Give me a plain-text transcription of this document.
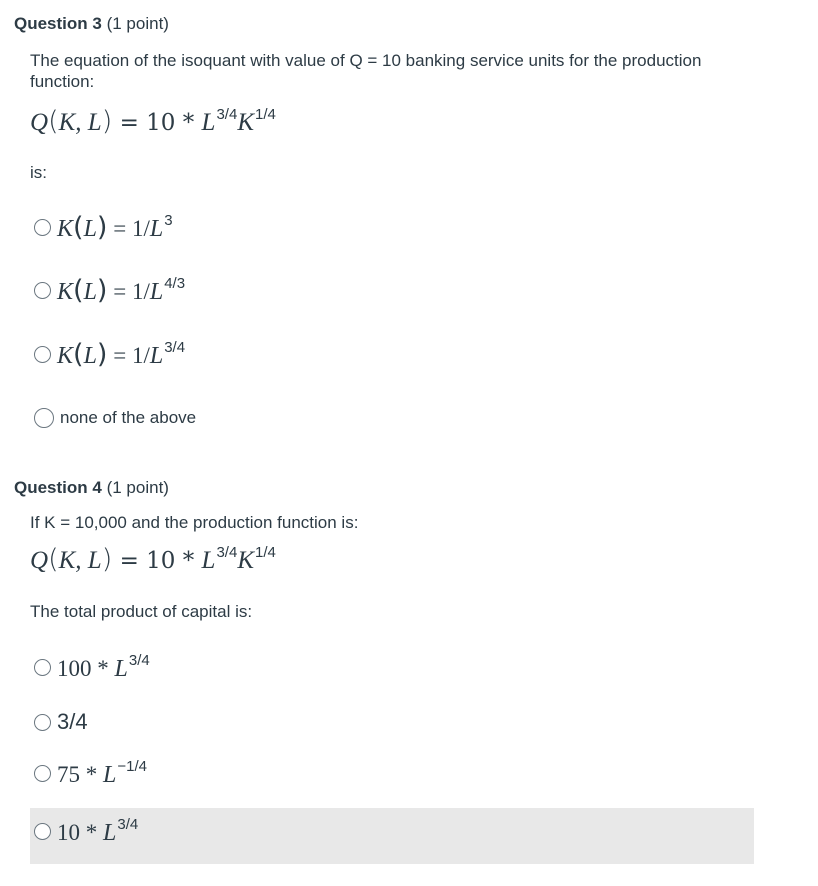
Question 3 (1 point)
The equation of the isoquant with value of Q = 10 banking service units for the production function:
Q(K, $L) = 10 * L^{3/4}K^{1/4}$
is:
$K(L) = 1/L^3$
$K(L) = 1/L^{4/3}$
$K(L) = 1/L^{3/4}$
none of the above
Question 4 (1 point)
If K = 10,000 and the production function is:
Q(K, $L) = 10 * L^{3/4}K^{1/4}$
The total product of capital is:
$100 * L^{3/4}$
3/4
$75 * L^{-1/4}$
$10 * L^{3/4}$
